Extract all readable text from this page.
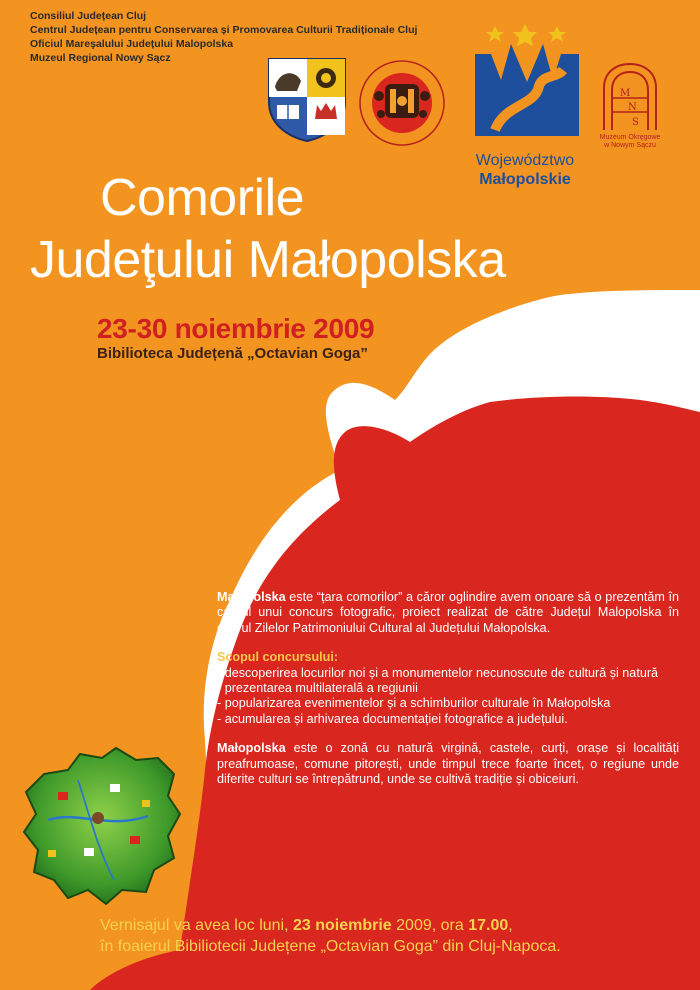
Consiliul Județean Cluj
Centrul Județean pentru Conservarea și Promovarea Culturii Tradiționale Cluj
Oficiul Mareşalului Județului Malopolska
Muzeul Regional Nowy Sącz
Województwo
Małopolskie
M
N
S
Muzeum Okręgowe
w Nowym Sączu
Comorile
Judeţului Małopolska
23-30 noiembrie 2009
Bibilioteca Județenă „Octavian Goga”

Małopolska este “țara comorilor” a căror oglindire avem onoare să o prezentăm în cadrul unui concurs fotografic, proiect realizat de către Județul Malopolska în cadrul Zilelor Patrimoniului Cultural al Județului Małopolska.

Scopul concursului:
- descoperirea locurilor noi și a monumentelor necunoscute de cultură și natură
- prezentarea multilaterală a regiunii
- popularizarea evenimentelor și a schimburilor culturale în Małopolska
- acumularea și arhivarea documentației fotografice a județului.

Małopolska este o zonă cu natură virgină, castele, curți, orașe și localități preafrumoase, comune pitorești, unde timpul trece foarte încet, o regiune unde diferite culturi se întrepătrund, unde se cultivă tradiție și obiceiuri.

Vernisajul va avea loc luni, 23 noiembrie 2009, ora 17.00,
în foaierul Bibiliotecii Județene „Octavian Goga” din Cluj-Napoca.
